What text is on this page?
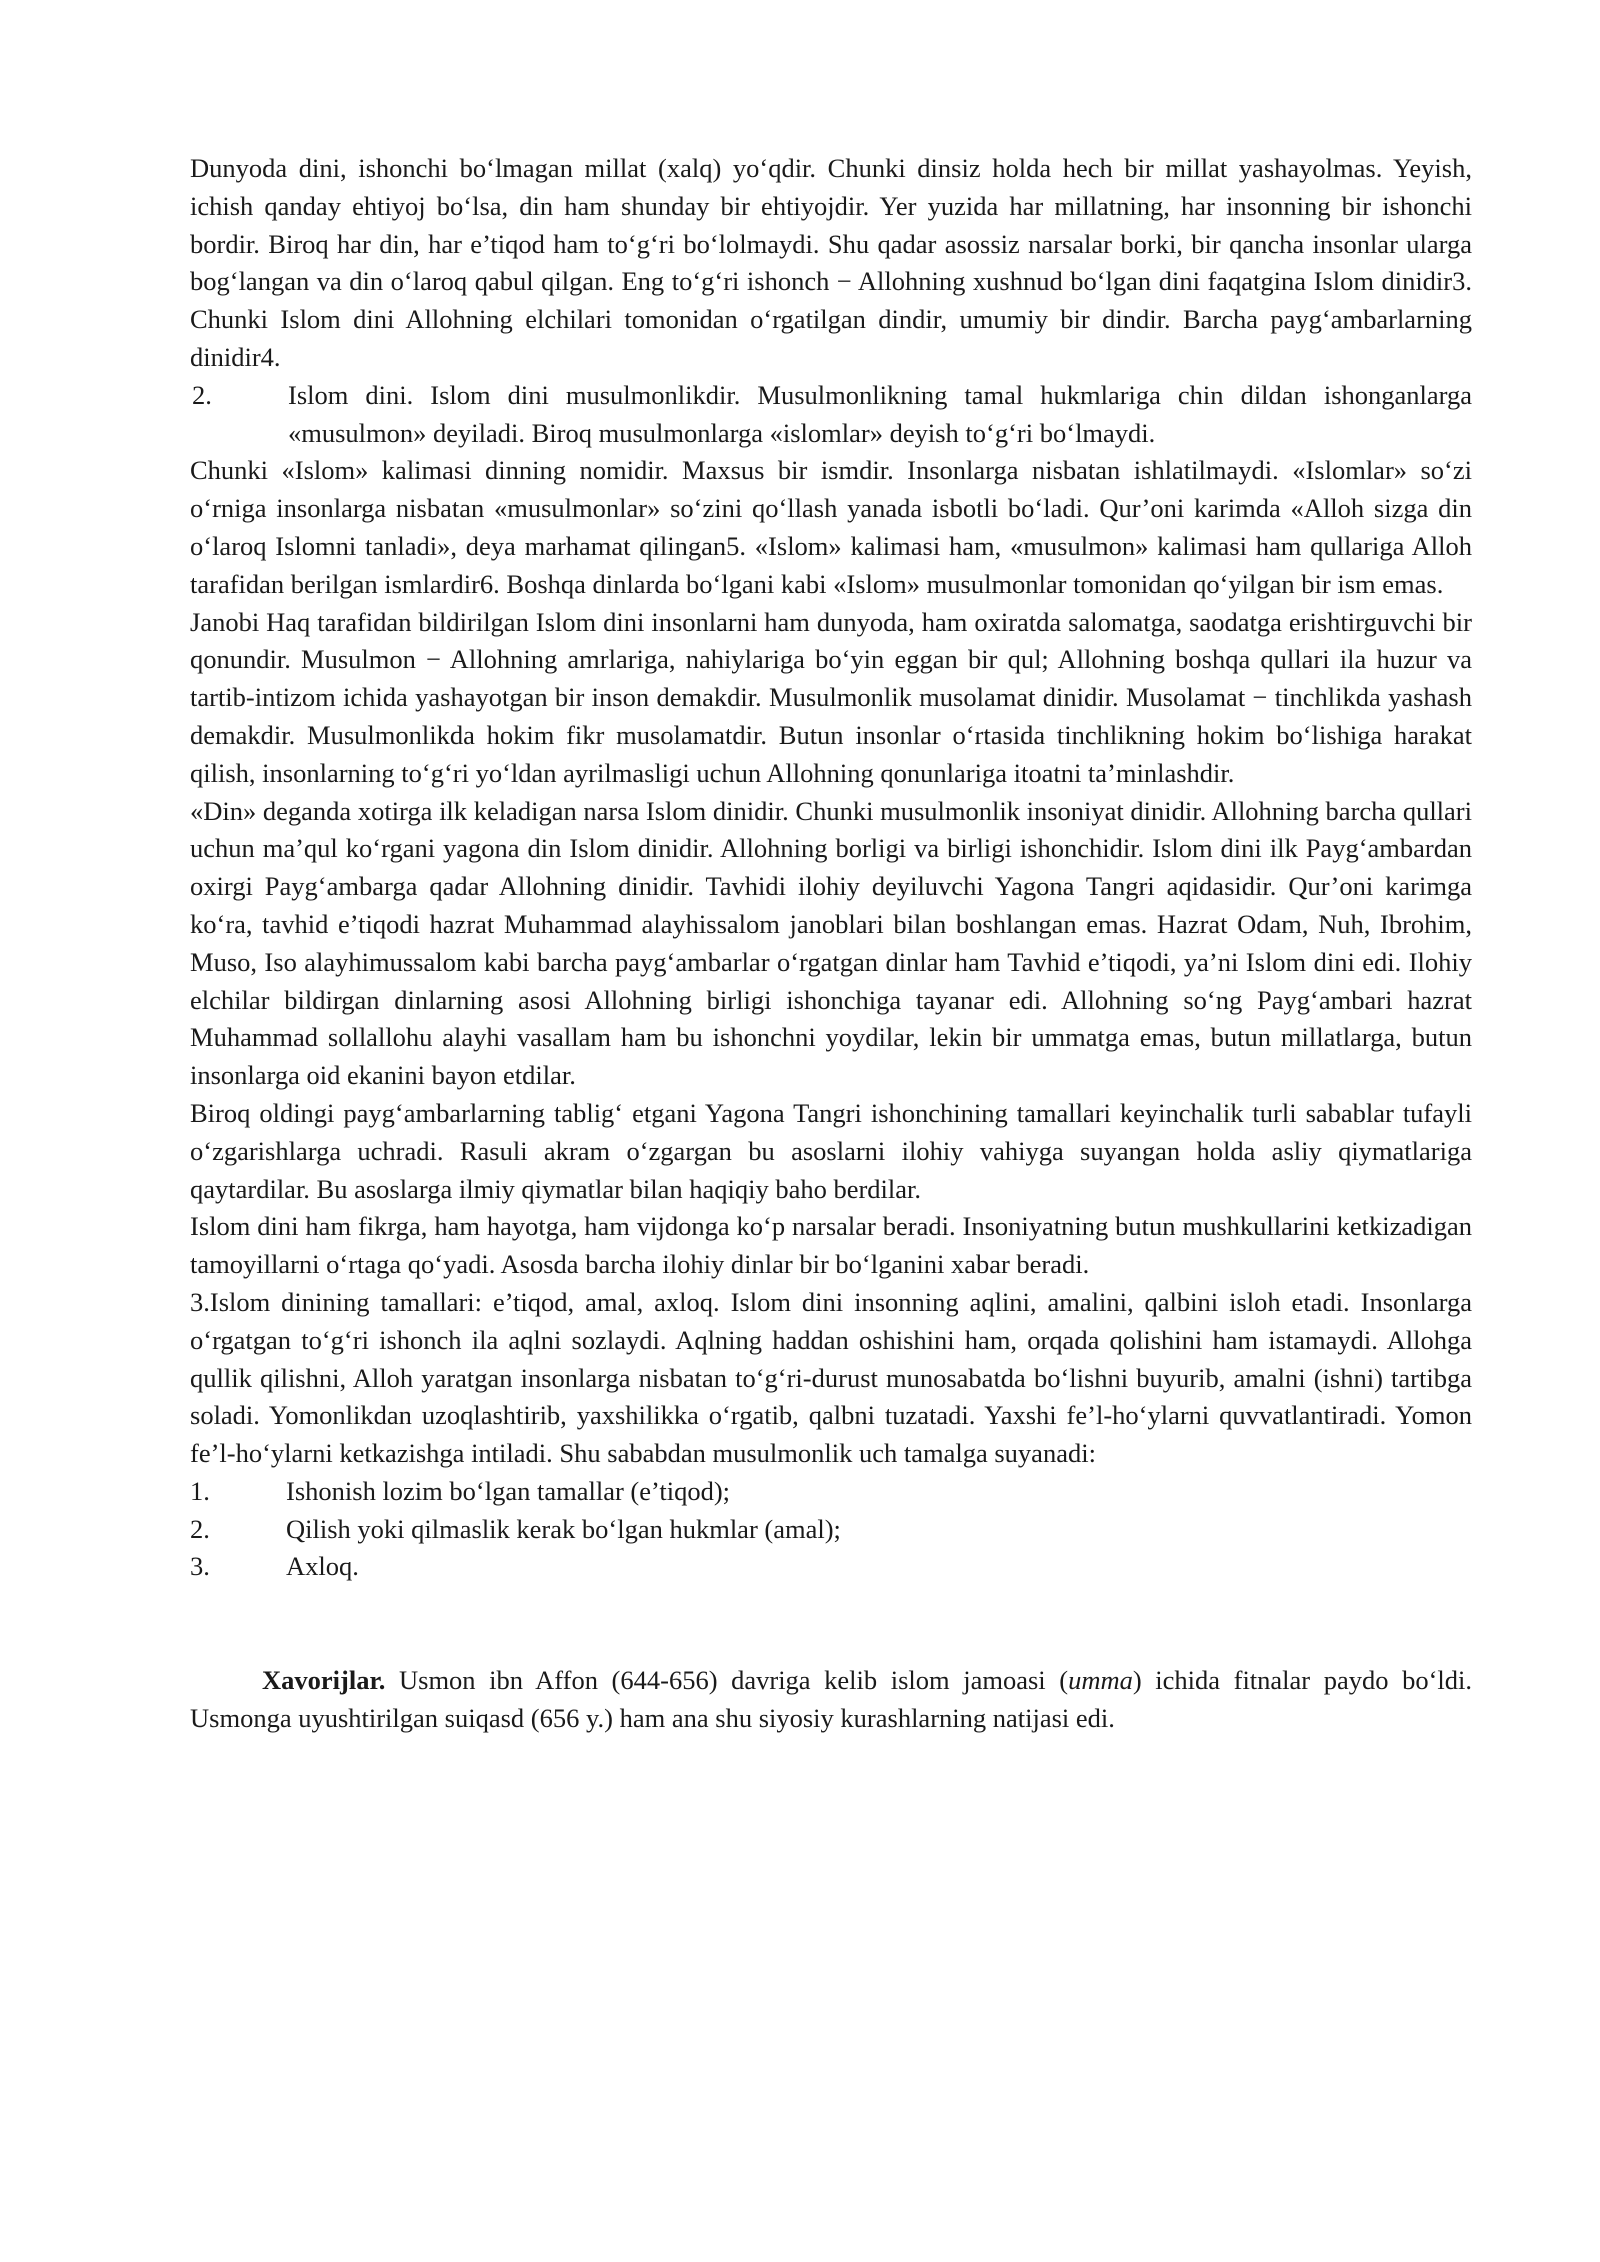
Dunyoda dini, ishonchi bo‘lmagan millat (xalq) yo‘qdir. Chunki dinsiz holda hech bir millat yashayolmas. Yeyish, ichish qanday ehtiyoj bo‘lsa, din ham shunday bir ehtiyojdir. Yer yuzida har millatning, har insonning bir ishonchi bordir. Biroq har din, har e’tiqod ham to‘g‘ri bo‘lolmaydi. Shu qadar asossiz narsalar borki, bir qancha insonlar ularga bog‘langan va din o‘laroq qabul qilgan. Eng to‘g‘ri ishonch − Allohning xushnud bo‘lgan dini faqatgina Islom dinidir3. Chunki Islom dini Allohning elchilari tomonidan o‘rgatilgan dindir, umumiy bir dindir. Barcha payg‘ambarlarning dinidir4.

2.	Islom dini. Islom dini musulmonlikdir. Musulmonlikning tamal hukmlariga chin dildan ishonganlarga «musulmon» deyiladi. Biroq musulmonlarga «islomlar» deyish to‘g‘ri bo‘lmaydi.

Chunki «Islom» kalimasi dinning nomidir. Maxsus bir ismdir. Insonlarga nisbatan ishlatilmaydi. «Islomlar» so‘zi o‘rniga insonlarga nisbatan «musulmonlar» so‘zini qo‘llash yanada isbotli bo‘ladi. Qur’oni karimda «Alloh sizga din o‘laroq Islomni tanladi», deya marhamat qilingan5. «Islom» kalimasi ham, «musulmon» kalimasi ham qullariga Alloh tarafidan berilgan ismlardir6. Boshqa dinlarda bo‘lgani kabi «Islom» musulmonlar tomonidan qo‘yilgan bir ism emas.

Janobi Haq tarafidan bildirilgan Islom dini insonlarni ham dunyoda, ham oxiratda salomatga, saodatga erishtirguvchi bir qonundir. Musulmon − Allohning amrlariga, nahiylariga bo‘yin eggan bir qul; Allohning boshqa qullari ila huzur va tartib-intizom ichida yashayotgan bir inson demakdir. Musulmonlik musolamat dinidir. Musolamat − tinchlikda yashash demakdir. Musulmonlikda hokim fikr musolamatdir. Butun insonlar o‘rtasida tinchlikning hokim bo‘lishiga harakat qilish, insonlarning to‘g‘ri yo‘ldan ayrilmasligi uchun Allohning qonunlariga itoatni ta’minlashdir.

«Din» deganda xotirga ilk keladigan narsa Islom dinidir. Chunki musulmonlik insoniyat dinidir. Allohning barcha qullari uchun ma’qul ko‘rgani yagona din Islom dinidir. Allohning borligi va birligi ishonchidir. Islom dini ilk Payg‘ambardan oxirgi Payg‘ambarga qadar Allohning dinidir. Tavhidi ilohiy deyiluvchi Yagona Tangri aqidasidir. Qur’oni karimga ko‘ra, tavhid e’tiqodi hazrat Muhammad alayhissalom janoblari bilan boshlangan emas. Hazrat Odam, Nuh, Ibrohim, Muso, Iso alayhimussalom kabi barcha payg‘ambarlar o‘rgatgan dinlar ham Tavhid e’tiqodi, ya’ni Islom dini edi. Ilohiy elchilar bildirgan dinlarning asosi Allohning birligi ishonchiga tayanar edi. Allohning so‘ng Payg‘ambari hazrat Muhammad sollallohu alayhi vasallam ham bu ishonchni yoydilar, lekin bir ummatga emas, butun millatlarga, butun insonlarga oid ekanini bayon etdilar.

Biroq oldingi payg‘ambarlarning tablig‘ etgani Yagona Tangri ishonchining tamallari keyinchalik turli sabablar tufayli o‘zgarishlarga uchradi. Rasuli akram o‘zgargan bu asoslarni ilohiy vahiyga suyangan holda asliy qiymatlariga qaytardilar. Bu asoslarga ilmiy qiymatlar bilan haqiqiy baho berdilar.

Islom dini ham fikrga, ham hayotga, ham vijdonga ko‘p narsalar beradi. Insoniyatning butun mushkullarini ketkizadigan tamoyillarni o‘rtaga qo‘yadi. Asosda barcha ilohiy dinlar bir bo‘lganini xabar beradi.

3.Islom dinining tamallari: e’tiqod, amal, axloq. Islom dini insonning aqlini, amalini, qalbini isloh etadi. Insonlarga o‘rgatgan to‘g‘ri ishonch ila aqlni sozlaydi. Aqlning haddan oshishini ham, orqada qolishini ham istamaydi. Allohga qullik qilishni, Alloh yaratgan insonlarga nisbatan to‘g‘ri-durust munosabatda bo‘lishni buyurib, amalni (ishni) tartibga soladi. Yomonlikdan uzoqlashtirib, yaxshilikka o‘rgatib, qalbni tuzatadi. Yaxshi fe’l-ho‘ylarni quvvatlantiradi. Yomon fe’l-ho‘ylarni ketkazishga intiladi. Shu sababdan musulmonlik uch tamalga suyanadi:

1.	Ishonish lozim bo‘lgan tamallar (e’tiqod);

2.	Qilish yoki qilmaslik kerak bo‘lgan hukmlar (amal);

3.	Axloq.

Xavorijlar. Usmon ibn Affon (644-656) davriga kelib islom jamoasi (umma) ichida fitnalar paydo bo‘ldi. Usmonga uyushtirilgan suiqasd (656 y.) ham ana shu siyosiy kurashlarning natijasi edi.
